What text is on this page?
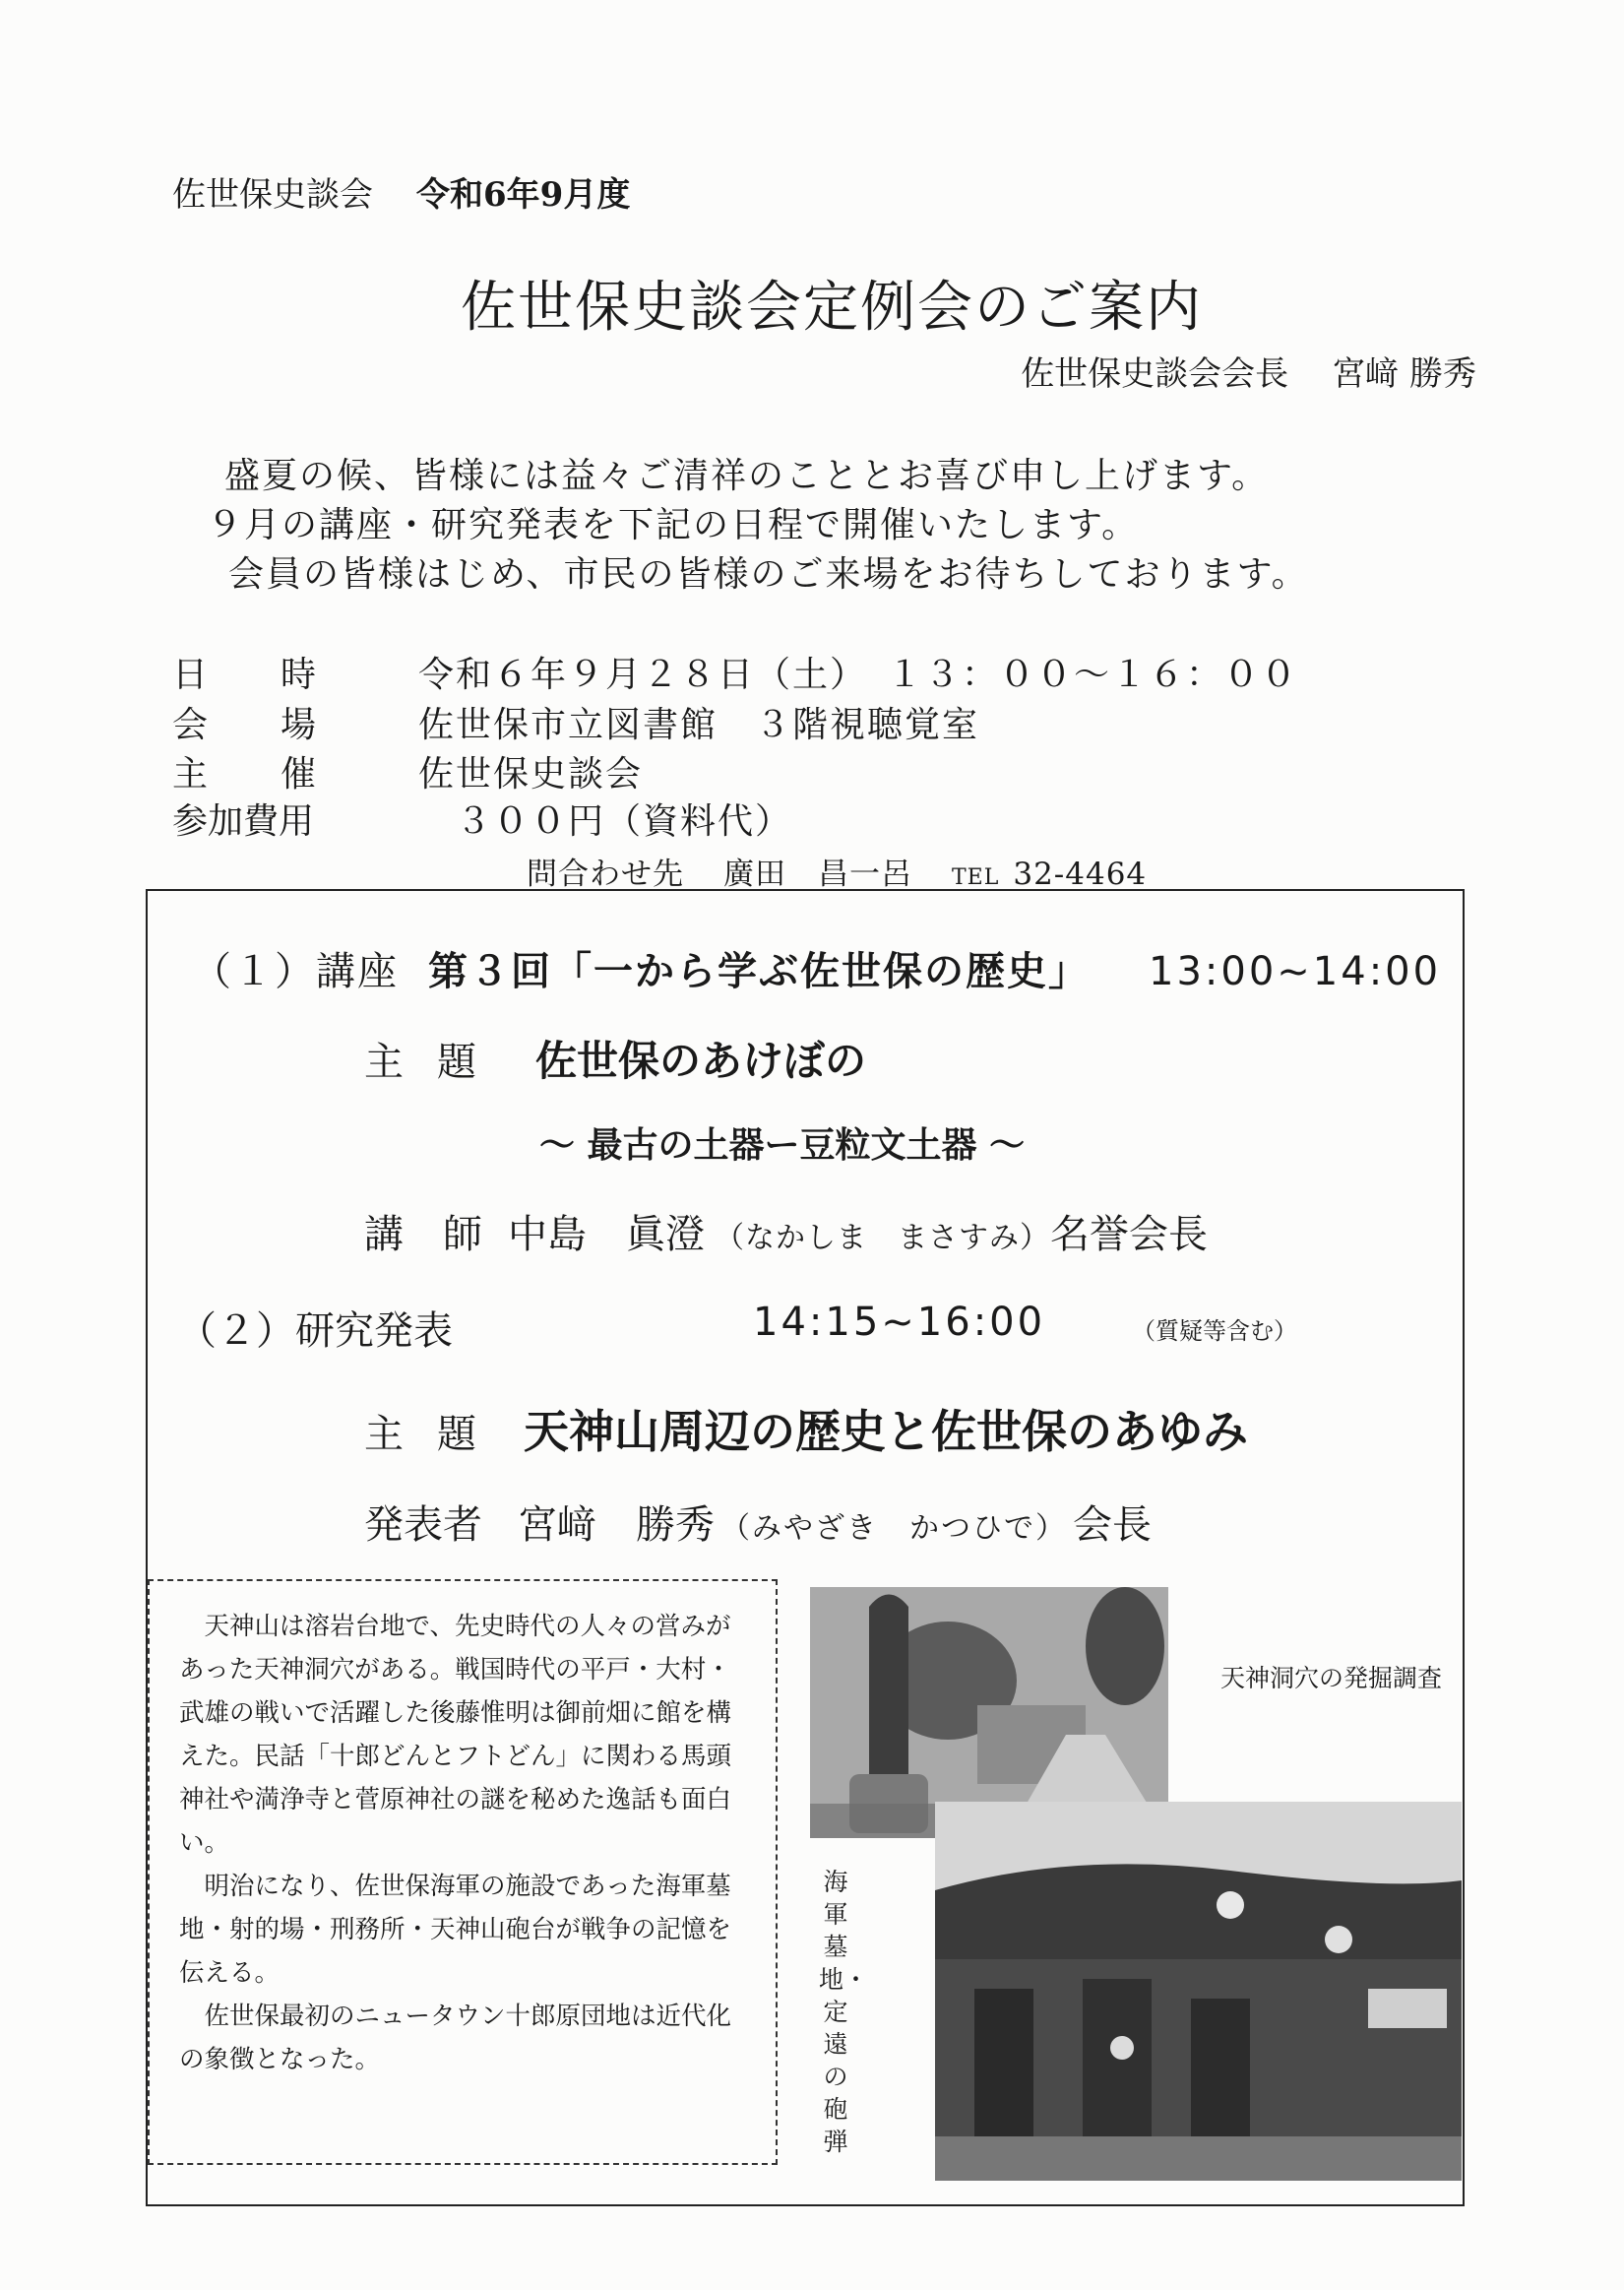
佐世保史談会 令和6年9月度
佐世保史談会定例会のご案内
佐世保史談会会長 宮﨑 勝秀
盛夏の候、皆様には益々ご清祥のこととお喜び申し上げます。
９月の講座・研究発表を下記の日程で開催いたします。
会員の皆様はじめ、市民の皆様のご来場をお待ちしております。
日時 令和６年９月２８日（土）　１３：００〜１６：００
会場 佐世保市立図書館　３階視聴覚室
主催 佐世保史談会
参加費用	　３００円（資料代）
問合わせ先 廣田　昌一呂 TEL 32-4464
（１）講座 第３回「一から学ぶ佐世保の歴史」 13:00~14:00
主題 佐世保のあけぼの
〜 最古の土器ー豆粒文土器 〜
講　師 中島　眞澄 （なかしま　まさすみ）名誉会長
（２）研究発表	14:15~16:00	（質疑等含む）
主題 天神山周辺の歴史と佐世保のあゆみ
発表者 宮﨑　勝秀 （みやざき　かつひで） 会長

天神山は溶岩台地で、先史時代の人々の営みがあった天神洞穴がある。戦国時代の平戸・大村・武雄の戦いで活躍した後藤惟明は御前畑に館を構えた。民話「十郎どんとフトどん」に関わる馬頭神社や満浄寺と菅原神社の謎を秘めた逸話も面白い。

明治になり、佐世保海軍の施設であった海軍墓地・射的場・刑務所・天神山砲台が戦争の記憶を伝える。

佐世保最初のニュータウン十郎原団地は近代化の象徴となった。

天神洞穴の発掘調査
海軍墓地・定遠の砲弾
